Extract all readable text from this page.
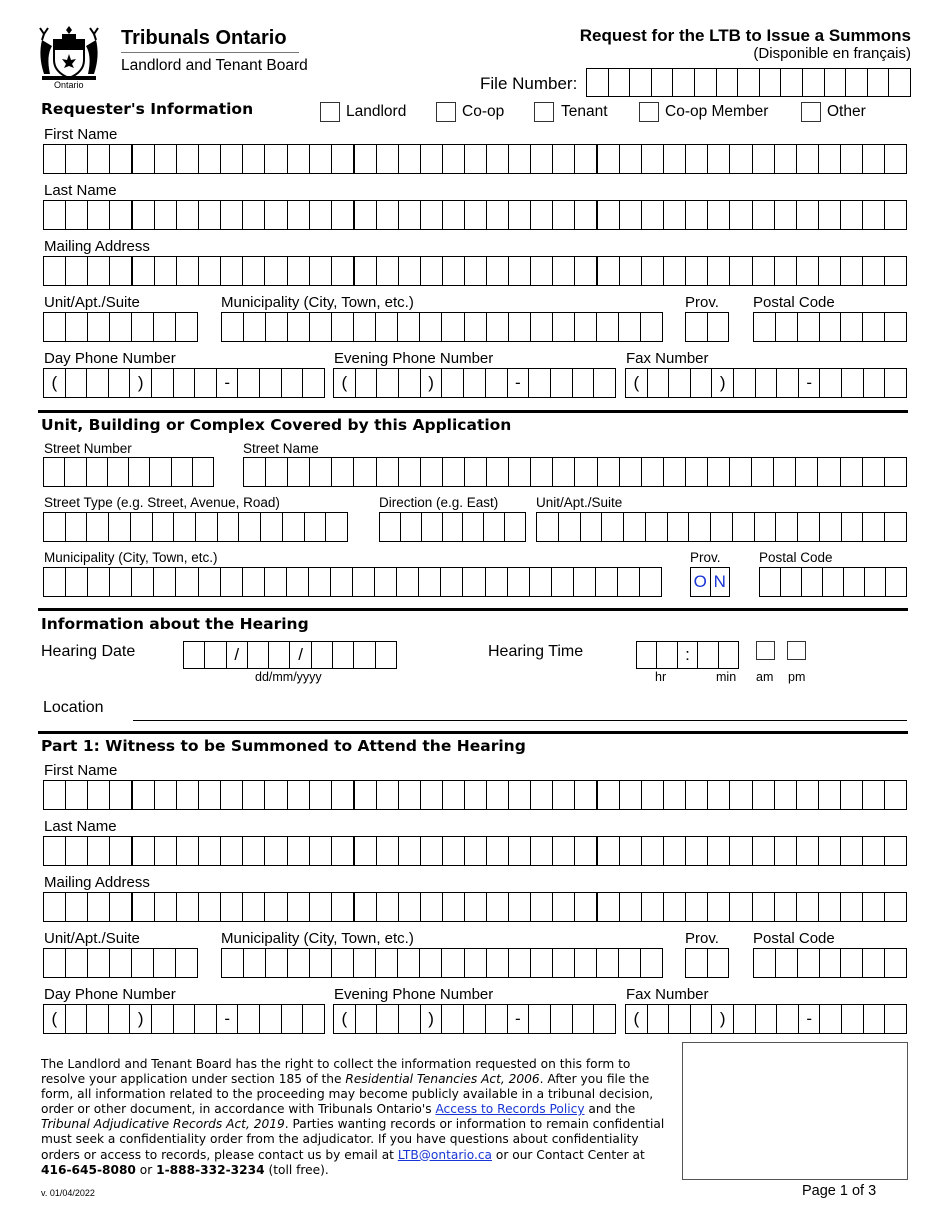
Ontario
Tribunals Ontario
Landlord and Tenant Board
Request for the LTB to Issue a Summons
(Disponible en français)
File Number:
Requester's Information	Landlord	Co-op	Tenant	Co-op Member	Other
First Name
Last Name
Mailing Address
Unit/Apt./Suite	Municipality (City, Town, etc.)	Prov. Postal Code
Day Phone Number	Evening Phone Number	Fax Number
(	)	-	(	)	-	(	)	-
Unit, Building or Complex Covered by this Application
Street Number	Street Name
Street Type (e.g. Street, Avenue, Road)	Direction (e.g. East)	Unit/Apt./Suite
Municipality (City, Town, etc.)	Prov.	Postal Code
O N
Information about the Hearing
Hearing Date	/	/
dd/mm/yyyy
Hearing Time	:
hr	min am pm
Location
Part 1: Witness to be Summoned to Attend the Hearing
First Name
Last Name
Mailing Address
Unit/Apt./Suite	Municipality (City, Town, etc.)	Prov. Postal Code
Day Phone Number	Evening Phone Number	Fax Number
(	)	-	(	)	-	(	)	-
The Landlord and Tenant Board has the right to collect the information requested on this form to resolve your application under section 185 of the Residential Tenancies Act, 2006. After you file the form, all information related to the proceeding may become publicly available in a tribunal decision, order or other document, in accordance with Tribunals Ontario's Access to Records Policy and the Tribunal Adjudicative Records Act, 2019. Parties wanting records or information to remain confidential must seek a confidentiality order from the adjudicator. If you have questions about confidentiality orders or access to records, please contact us by email at LTB@ontario.ca or our Contact Center at 416-645-8080 or 1-888-332-3234 (toll free).
v. 01/04/2022	Page 1 of 3
